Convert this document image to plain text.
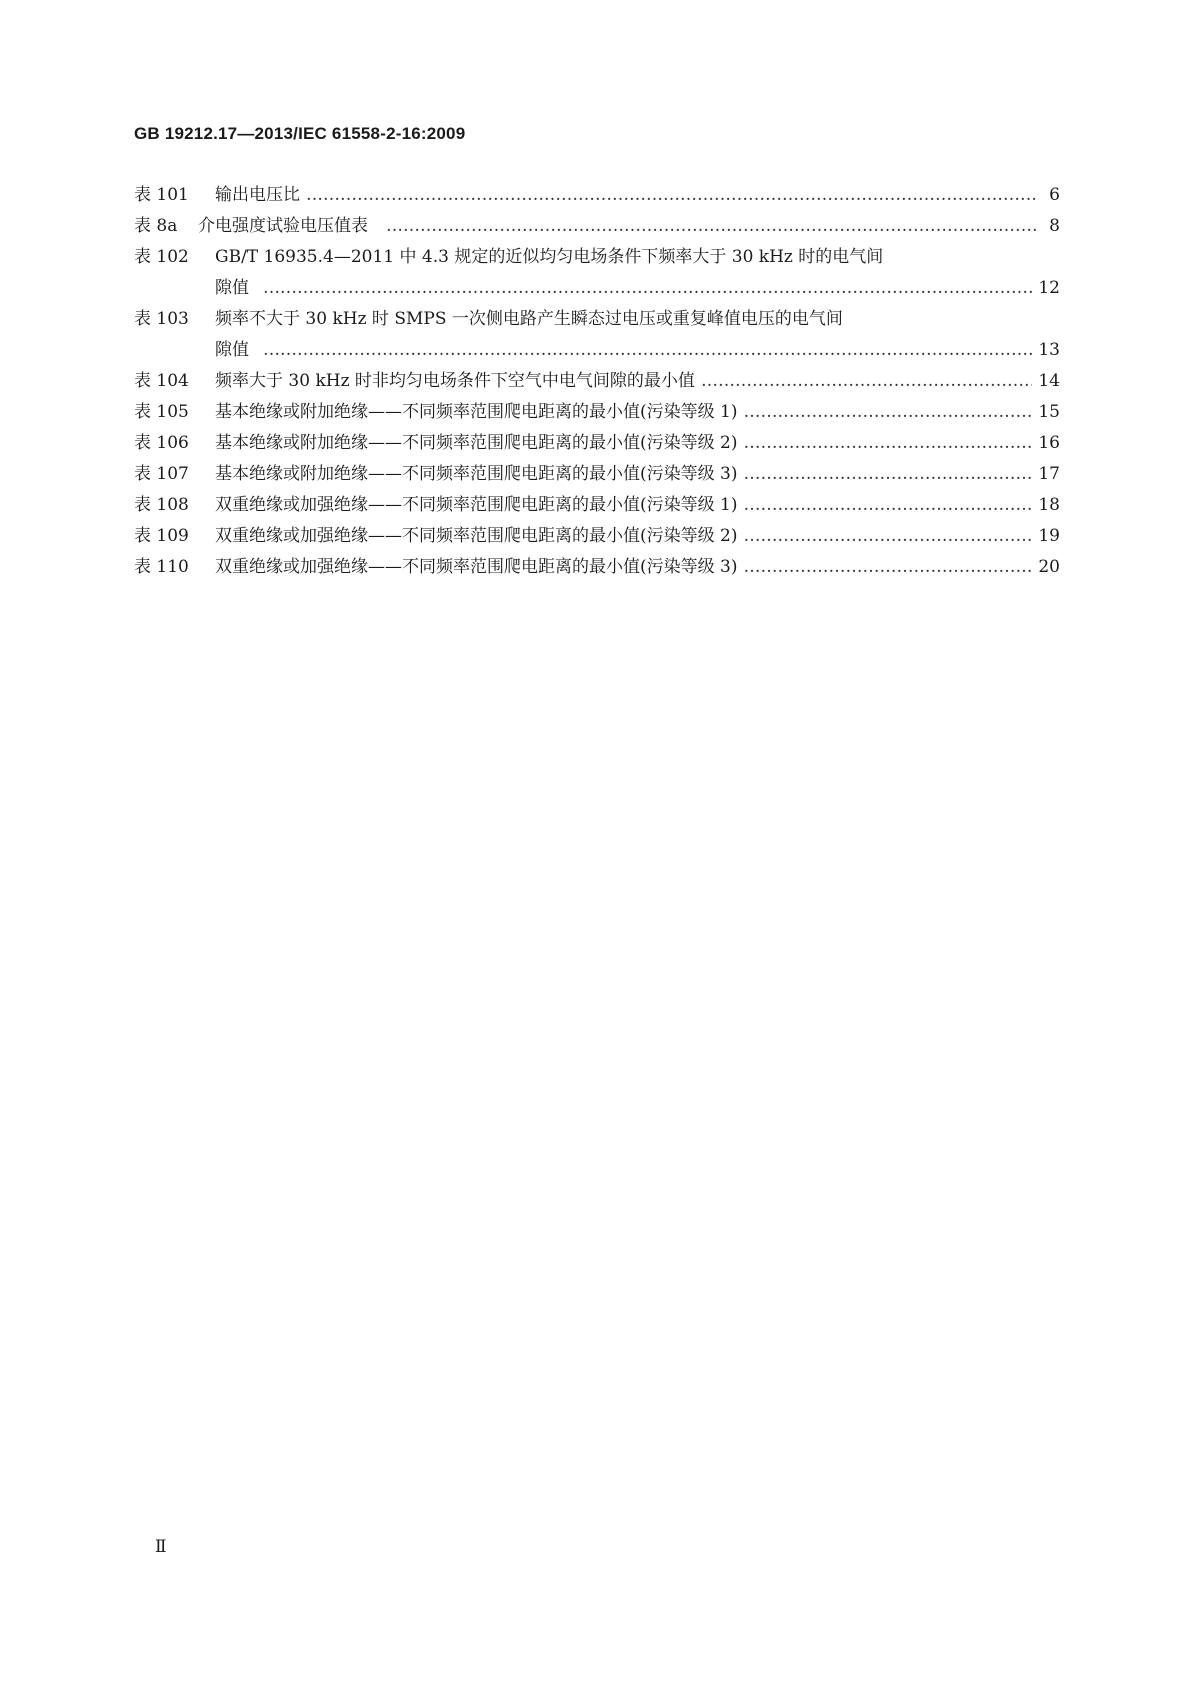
GB 19212.17—2013/IEC 61558-2-16:2009
表 101 输出电压比 …………………………………………………………………………………………………………………………………………………………………	6
表 8a 介电强度试验电压值表 …………………………………………………………………………………………………………………………………………………………………	8
表 102 GB/T 16935.4—2011 中 4.3 规定的近似均匀电场条件下频率大于 30 kHz 时的电气间
隙值 …………………………………………………………………………………………………………………………………………………………………	12
表 103 频率不大于 30 kHz 时 SMPS 一次侧电路产生瞬态过电压或重复峰值电压的电气间
隙值 …………………………………………………………………………………………………………………………………………………………………	13
表 104 频率大于 30 kHz 时非均匀电场条件下空气中电气间隙的最小值 …………………………………………………………………………………………………………………………………………………………………	14
表 105 基本绝缘或附加绝缘——不同频率范围爬电距离的最小值(污染等级 1) …………………………………………………………………………………………………………………………………………………………………	15
表 106 基本绝缘或附加绝缘——不同频率范围爬电距离的最小值(污染等级 2) …………………………………………………………………………………………………………………………………………………………………	16
表 107 基本绝缘或附加绝缘——不同频率范围爬电距离的最小值(污染等级 3) …………………………………………………………………………………………………………………………………………………………………	17
表 108 双重绝缘或加强绝缘——不同频率范围爬电距离的最小值(污染等级 1) …………………………………………………………………………………………………………………………………………………………………	18
表 109 双重绝缘或加强绝缘——不同频率范围爬电距离的最小值(污染等级 2) …………………………………………………………………………………………………………………………………………………………………	19
表 110 双重绝缘或加强绝缘——不同频率范围爬电距离的最小值(污染等级 3) …………………………………………………………………………………………………………………………………………………………………	20
Ⅱ
